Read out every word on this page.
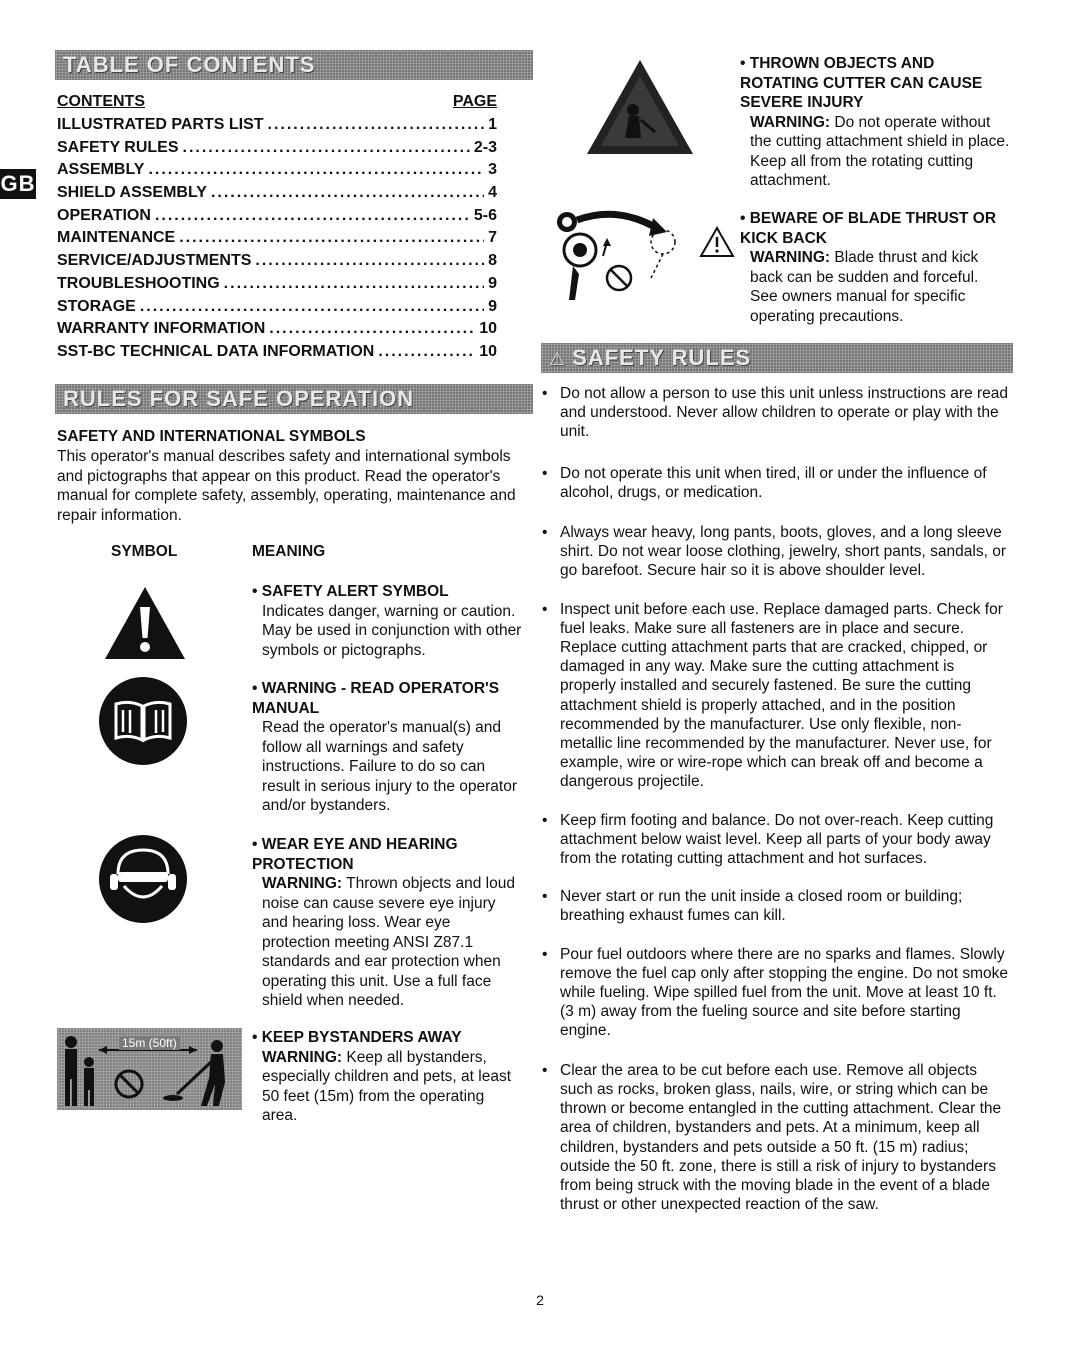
GB
TABLE OF CONTENTS
CONTENTS	PAGE
ILLUSTRATED PARTS LIST .....	1
SAFETY RULES .....	2-3
ASSEMBLY .....	3
SHIELD ASSEMBLY .....	4
OPERATION .....	5-6
MAINTENANCE .....	7
SERVICE/ADJUSTMENTS .....	8
TROUBLESHOOTING .....	9
STORAGE .....	9
WARRANTY INFORMATION .....	10
SST-BC TECHNICAL DATA INFORMATION .....	10
RULES FOR SAFE OPERATION
SAFETY AND INTERNATIONAL SYMBOLS
This operator's manual describes safety and international symbols and pictographs that appear on this product. Read the operator's manual for complete safety, assembly, operating, maintenance and repair information.
SYMBOL	MEANING
• SAFETY ALERT SYMBOL
Indicates danger, warning or caution. May be used in conjunction with other symbols or pictographs.
• WARNING - READ OPERATOR'S MANUAL
Read the operator's manual(s) and follow all warnings and safety instructions. Failure to do so can result in serious injury to the operator and/or bystanders.
• WEAR EYE AND HEARING PROTECTION
WARNING: Thrown objects and loud noise can cause severe eye injury and hearing loss. Wear eye protection meeting ANSI Z87.1 standards and ear protection when operating this unit. Use a full face shield when needed.
15m (50ft)	• KEEP BYSTANDERS AWAY
WARNING: Keep all bystanders, especially children and pets, at least 50 feet (15m) from the operating area.
• THROWN OBJECTS AND ROTATING CUTTER CAN CAUSE SEVERE INJURY
WARNING: Do not operate without the cutting attachment shield in place. Keep all from the rotating cutting attachment.
• BEWARE OF BLADE THRUST OR KICK BACK
WARNING: Blade thrust and kick back can be sudden and forceful. See owners manual for specific operating precautions.
⚠ SAFETY RULES
• Do not allow a person to use this unit unless instructions are read and understood. Never allow children to operate or play with the unit.
• Do not operate this unit when tired, ill or under the influence of alcohol, drugs, or medication.
• Always wear heavy, long pants, boots, gloves, and a long sleeve shirt. Do not wear loose clothing, jewelry, short pants, sandals, or go barefoot. Secure hair so it is above shoulder level.
• Inspect unit before each use. Replace damaged parts. Check for fuel leaks. Make sure all fasteners are in place and secure. Replace cutting attachment parts that are cracked, chipped, or damaged in any way. Make sure the cutting attachment is properly installed and securely fastened. Be sure the cutting attachment shield is properly attached, and in the position recommended by the manufacturer. Use only flexible, non-metallic line recommended by the manufacturer. Never use, for example, wire or wire-rope which can break off and become a dangerous projectile.
• Keep firm footing and balance. Do not over-reach. Keep cutting attachment below waist level. Keep all parts of your body away from the rotating cutting attachment and hot surfaces.
• Never start or run the unit inside a closed room or building; breathing exhaust fumes can kill.
• Pour fuel outdoors where there are no sparks and flames. Slowly remove the fuel cap only after stopping the engine. Do not smoke while fueling. Wipe spilled fuel from the unit. Move at least 10 ft. (3 m) away from the fueling source and site before starting engine.
• Clear the area to be cut before each use. Remove all objects such as rocks, broken glass, nails, wire, or string which can be thrown or become entangled in the cutting attachment. Clear the area of children, bystanders and pets. At a minimum, keep all children, bystanders and pets outside a 50 ft. (15 m) radius; outside the 50 ft. zone, there is still a risk of injury to bystanders from being struck with the moving blade in the event of a blade thrust or other unexpected reaction of the saw.
2
